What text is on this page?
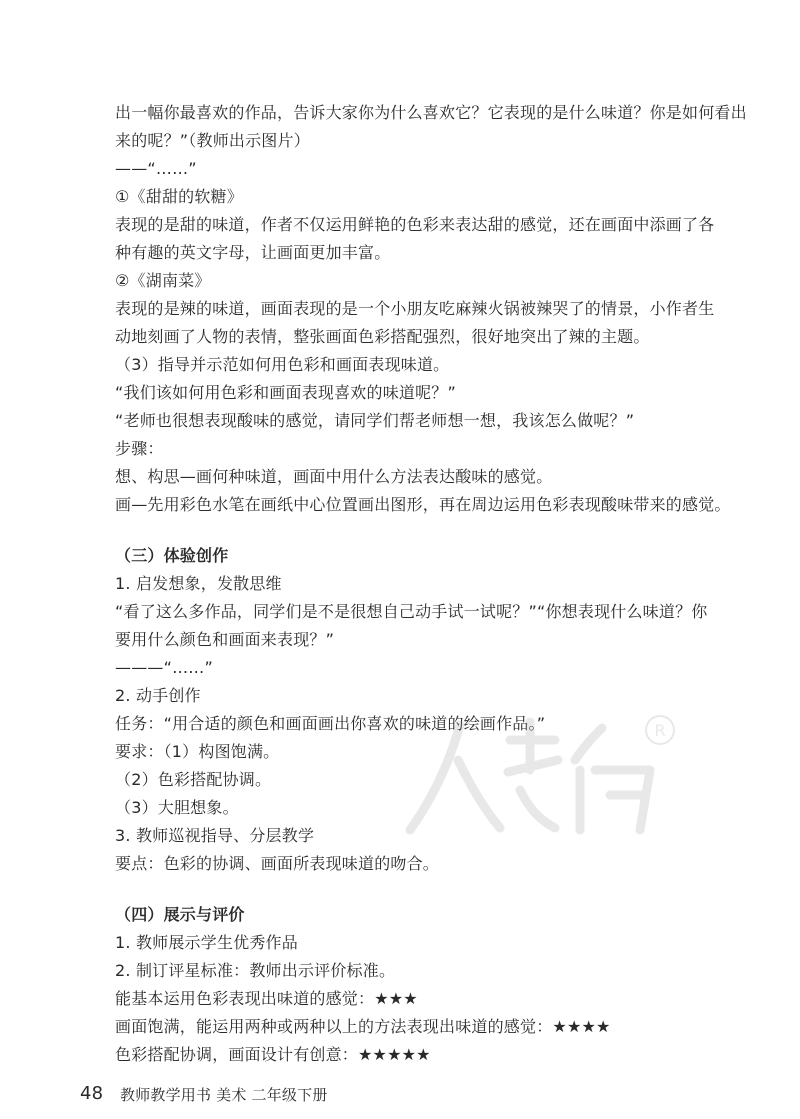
出一幅你最喜欢的作品，告诉大家你为什么喜欢它？它表现的是什么味道？你是如何看出
来的呢？”（教师出示图片）
——“……”
①《甜甜的软糖》
表现的是甜的味道，作者不仅运用鲜艳的色彩来表达甜的感觉，还在画面中添画了各
种有趣的英文字母，让画面更加丰富。
②《湖南菜》
表现的是辣的味道，画面表现的是一个小朋友吃麻辣火锅被辣哭了的情景，小作者生
动地刻画了人物的表情，整张画面色彩搭配强烈，很好地突出了辣的主题。
（3）指导并示范如何用色彩和画面表现味道。
“我们该如何用色彩和画面表现喜欢的味道呢？”
“老师也很想表现酸味的感觉，请同学们帮老师想一想，我该怎么做呢？”
步骤：
想、构思—画何种味道，画面中用什么方法表达酸味的感觉。
画—先用彩色水笔在画纸中心位置画出图形，再在周边运用色彩表现酸味带来的感觉。
（三）体验创作
1. 启发想象，发散思维
“看了这么多作品，同学们是不是很想自己动手试一试呢？”“你想表现什么味道？你
要用什么颜色和画面来表现？”
———“……”
2. 动手创作
任务：“用合适的颜色和画面画出你喜欢的味道的绘画作品。”
要求：（1）构图饱满。
（2）色彩搭配协调。
（3）大胆想象。
3. 教师巡视指导、分层教学
要点：色彩的协调、画面所表现味道的吻合。
（四）展示与评价
1. 教师展示学生优秀作品
2. 制订评星标准：教师出示评价标准。
能基本运用色彩表现出味道的感觉：★★★
画面饱满，能运用两种或两种以上的方法表现出味道的感觉：★★★★
色彩搭配协调，画面设计有创意：★★★★★
48 教师教学用书 美术 二年级下册
R
